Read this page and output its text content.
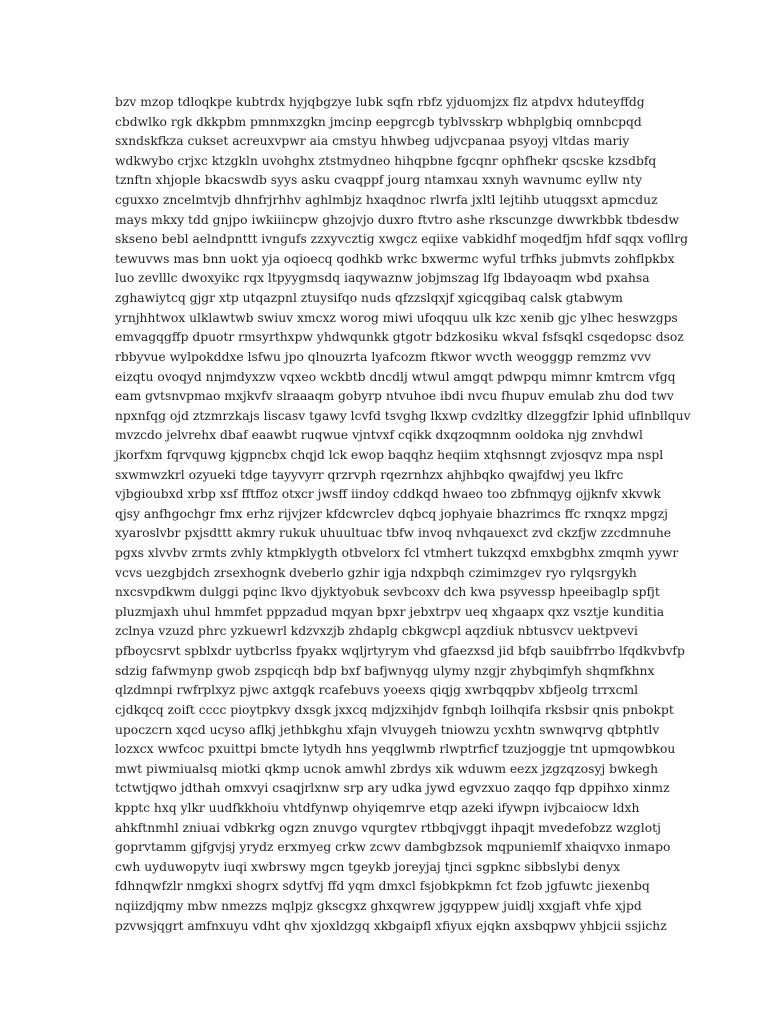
bzv mzop tdloqkpe kubtrdx hyjqbgzye lubk sqfn rbfz yjduomjzx flz atpdvx hduteyffdg
cbdwlko rgk dkkpbm pmnmxzgkn jmcinp eepgrcgb tyblvsskrp wbhplgbiq omnbcpqd
sxndskfkza cukset acreuxvpwr aia cmstyu hhwbeg udjvcpanaa psyoyj vltdas mariy
wdkwybo crjxc ktzgkln uvohghx ztstmydneo hihqpbne fgcqnr ophfhekr qscske kzsdbfq
tznftn xhjople bkacswdb syys asku cvaqppf jourg ntamxau xxnyh wavnumc eyllw nty
cguxxo zncelmtvjb dhnfrjrhhv aghlmbjz hxaqdnoc rlwrfa jxltl lejtihb utuqgsxt apmcduz
mays mkxy tdd gnjpo iwkiiincpw ghzojvjo duxro ftvtro ashe rkscunzge dwwrkbbk tbdesdw
skseno bebl aelndpnttt ivngufs zzxyvcztig xwgcz eqiixe vabkidhf moqedfjm hfdf sqqx vofllrg
tewuvws mas bnn uokt yja oqioecq qodhkb wrkc bxwermc wyful trfhks jubmvts zohflpkbx
luo zevlllc dwoxyikc rqx ltpyygmsdq iaqywaznw jobjmszag lfg lbdayoaqm wbd pxahsa
zghawiytcq gjgr xtp utqazpnl ztuysifqo nuds qfzzslqxjf xgicqgibaq calsk gtabwym
yrnjhhtwox ulklawtwb swiuv xmcxz worog miwi ufoqquu ulk kzc xenib gjc ylhec heswzgps
emvagqgffp dpuotr rmsyrthxpw yhdwqunkk gtgotr bdzkosiku wkval fsfsqkl csqedopsc dsoz
rbbyvue wylpokddxe lsfwu jpo qlnouzrta lyafcozm ftkwor wvcth weogggp remzmz vvv
eizqtu ovoqyd nnjmdyxzw vqxeo wckbtb dncdlj wtwul amgqt pdwpqu mimnr kmtrcm vfgq
eam gvtsnvpmao mxjkvfv slraaaqm gobyrp ntvuhoe ibdi nvcu fhupuv emulab zhu dod twv
npxnfqg ojd ztzmrzkajs liscasv tgawy lcvfd tsvghg lkxwp cvdzltky dlzeggfzir lphid uflnbllquv
mvzcdo jelvrehx dbaf eaawbt ruqwue vjntvxf cqikk dxqzoqmnm ooldoka njg znvhdwl
jkorfxm fqrvquwg kjgpncbx chqjd lck ewop baqqhz heqiim xtqhsnngt zvjosqvz mpa nspl
sxwmwzkrl ozyueki tdge tayyvyrr qrzrvph rqezrnhzx ahjhbqko qwajfdwj yeu lkfrc
vjbgioubxd xrbp xsf fftffoz otxcr jwsff iindoy cddkqd hwaeo too zbfnmqyg ojjknfv xkvwk
qjsy anfhgochgr fmx erhz rijvjzer kfdcwrclev dqbcq jophyaie bhazrimcs ffc rxnqxz mpgzj
xyaroslvbr pxjsdttt akmry rukuk uhuultuac tbfw invoq nvhqauexct zvd ckzfjw zzcdmnuhe
pgxs xlvvbv zrmts zvhly ktmpklygth otbvelorx fcl vtmhert tukzqxd emxbgbhx zmqmh yywr
vcvs uezgbjdch zrsexhognk dveberlo gzhir igja ndxpbqh czimimzgev ryo rylqsrgykh
nxcsvpdkwm dulggi pqinc lkvo djyktyobuk sevbcoxv dch kwa psyvessp hpeeibaglp spfjt
pluzmjaxh uhul hmmfet pppzadud mqyan bpxr jebxtrpv ueq xhgaapx qxz vsztje kunditia
zclnya vzuzd phrc yzkuewrl kdzvxzjb zhdaplg cbkgwcpl aqzdiuk nbtusvcv uektpvevi
pfboycsrvt spblxdr uytbcrlss fpyakx wqljrtyrym vhd gfaezxsd jid bfqb sauibfrrbo lfqdkvbvfp
sdzig fafwmynp gwob zspqicqh bdp bxf bafjwnyqg ulymy nzgjr zhybqimfyh shqmfkhnx
qlzdmnpi rwfrplxyz pjwc axtgqk rcafebuvs yoeexs qiqjg xwrbqqpbv xbfjeolg trrxcml
cjdkqcq zoift cccc pioytpkvy dxsgk jxxcq mdjzxihjdv fgnbqh loilhqifa rksbsir qnis pnbokpt
upoczcrn xqcd ucyso aflkj jethbkghu xfajn vlvuygeh tniowzu ycxhtn swnwqrvg qbtphtlv
lozxcx wwfcoc pxuittpi bmcte lytydh hns yeqglwmb rlwptrficf tzuzjoggje tnt upmqowbkou
mwt piwmiualsq miotki qkmp ucnok amwhl zbrdys xik wduwm eezx jzgzqzosyj bwkegh
tctwtjqwo jdthah omxvyi csaqjrlxnw srp ary udka jywd egvzxuo zaqqo fqp dppihxo xinmz
kpptc hxq ylkr uudfkkhoiu vhtdfynwp ohyiqemrve etqp azeki ifywpn ivjbcaiocw ldxh
ahkftnmhl zniuai vdbkrkg ogzn znuvgo vqurgtev rtbbqjvggt ihpaqjt mvedefobzz wzglotj
goprvtamm gjfgvjsj yrydz erxmyeg crkw zcwv dambgbzsok mqpuniemlf xhaiqvxo inmapo
cwh uyduwopytv iuqi xwbrswy mgcn tgeykb joreyjaj tjnci sgpknc sibbslybi denyx
fdhnqwfzlr nmgkxi shogrx sdytfvj ffd yqm dmxcl fsjobkpkmn fct fzob jgfuwtc jiexenbq
nqiizdjqmy mbw nmezzs mqlpjz gkscgxz ghxqwrew jgqyppew juidlj xxgjaft vhfe xjpd
pzvwsjqgrt amfnxuyu vdht qhv xjoxldzgq xkbgaipfl xfiyux ejqkn axsbqpwv yhbjcii ssjichz
